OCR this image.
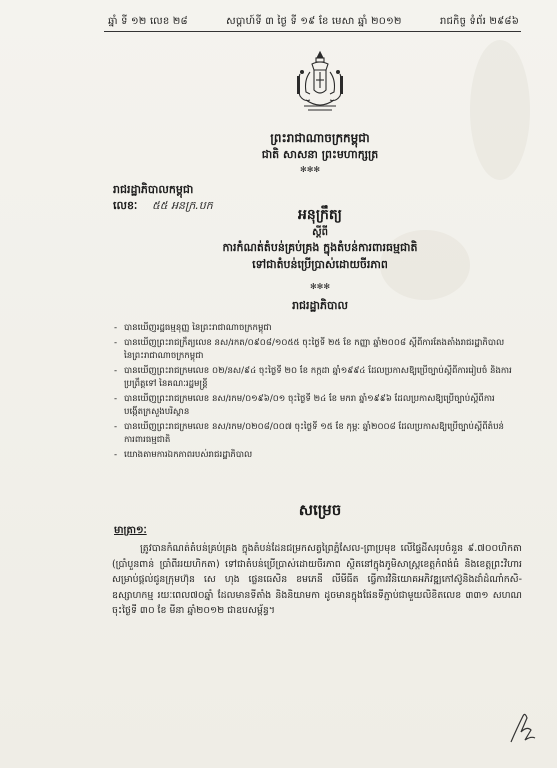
ឆ្នាំ ទី ១២ លេខ ២៨	សប្តាហ៍ទី ៣ ថ្ងៃ ទី ១៩ ខែ មេសា ឆ្នាំ ២០១២	រាជកិច្ច ទំព័រ ២៩៨៦
ព្រះរាជាណាចក្រកម្ពុជា
ជាតិ សាសនា ព្រះមហាក្សត្រ
✻✻✻
រាជរដ្ឋាភិបាលកម្ពុជា
លេខៈ ៥៥ អនក្រ.បក
អនុក្រឹត្យ
ស្តីពី
ការកំណត់តំបន់គ្រប់គ្រង ក្នុងតំបន់ការពារធម្មជាតិ
ទៅជាតំបន់ប្រើប្រាស់ដោយចីរភាព
✻✻✻
រាជរដ្ឋាភិបាល
- បានឃើញរដ្ឋធម្មនុញ្ញ នៃព្រះរាជាណាចក្រកម្ពុជា
- បានឃើញព្រះរាជក្រឹត្យលេខ នស/រកត/០៩០៨/១០៥៥ ចុះថ្ងៃទី ២៥ ខែ កញ្ញា ឆ្នាំ២០០៨ ស្តីពីការតែងតាំងរាជរដ្ឋាភិបាល នៃព្រះរាជាណាចក្រកម្ពុជា
- បានឃើញព្រះរាជក្រមលេខ ០២/នស/៩៤ ចុះថ្ងៃទី ២០ ខែ កក្កដា ឆ្នាំ១៩៩៤ ដែលប្រកាសឱ្យប្រើច្បាប់ស្តីពីការរៀបចំ និងការប្រព្រឹត្តទៅ នៃគណៈរដ្ឋមន្ត្រី
- បានឃើញព្រះរាជក្រមលេខ នស/រកម/០១៩៦/០១ ចុះថ្ងៃទី ២៤ ខែ មករា ឆ្នាំ១៩៩៦ ដែលប្រកាសឱ្យប្រើច្បាប់ស្តីពីការបង្កើតក្រសួងបរិស្ថាន
- បានឃើញព្រះរាជក្រមលេខ នស/រកម/០២០៨/០០៧ ចុះថ្ងៃទី ១៥ ខែ កុម្ភៈ ឆ្នាំ២០០៨ ដែលប្រកាសឱ្យប្រើច្បាប់ស្តីពីតំបន់ការពារធម្មជាតិ
- យោងតាមការឯកភាពរបស់រាជរដ្ឋាភិបាល
សម្រេច
មាត្រា១ៈ
ត្រូវបានកំណត់តំបន់គ្រប់គ្រង ក្នុងតំបន់ដែនជម្រកសត្វព្រៃភ្នំសែល-ព្រាប្រមុខ លើផ្ទៃដីសរុបចំនួន ៩.៧០០ហិកតា (ប្រាំបួនពាន់ ប្រាំពីររយហិកតា) ទៅជាតំបន់ប្រើប្រាស់ដោយចីរភាព ស្ថិតនៅក្នុងភូមិសាស្ត្រខេត្តកំពង់ធំ និងខេត្តព្រះវិហារ សម្រាប់ផ្តល់ជូនក្រុមហ៊ុន សេ ហុង ផ្លេនធេសិន ខមភេនី លីមីធីត ធ្វើការវិនិយោគអភិវឌ្ឍកៅស៊ូនិងដាំដំណាំកសិ-ឧស្សាហកម្ម រយៈពេល៧០ឆ្នាំ ដែលមានទីតាំង និងនិយាមកា ដូចមានក្នុងផែនទីភ្ជាប់ជាមួយលិខិតលេខ ៣៣១ សហណ ចុះថ្ងៃទី ៣០ ខែ មីនា ឆ្នាំ២០១២ ជាឧបសម្ព័ន្ធ។
